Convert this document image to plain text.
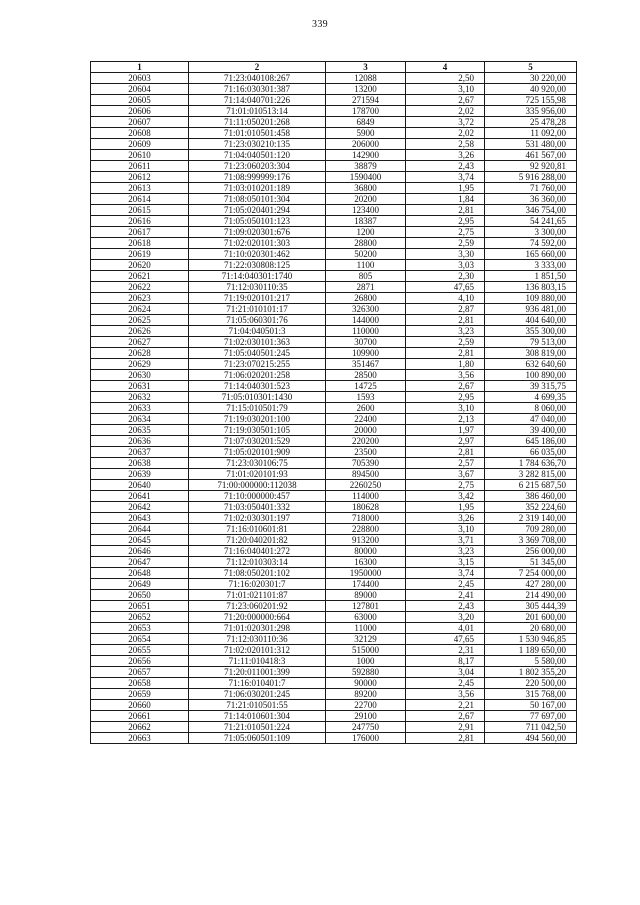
339
1	2	3	4	5
20603	71:23:040108:267	12088	2,50	30 220,00
20604	71:16:030301:387	13200	3,10	40 920,00
20605	71:14:040701:226	271594	2,67	725 155,98
20606	71:01:010513:14	178700	2,02	335 956,00
20607	71:11:050201:268	6849	3,72	25 478,28
20608	71:01:010501:458	5900	2,02	11 092,00
20609	71:23:030210:135	206000	2,58	531 480,00
20610	71:04:040501:120	142900	3,26	461 567,00
20611	71:23:060203:304	38879	2,43	92 920,81
20612	71:08:999999:176	1590400	3,74	5 916 288,00
20613	71:03:010201:189	36800	1,95	71 760,00
20614	71:08:050101:304	20200	1,84	36 360,00
20615	71:05:020401:294	123400	2,81	346 754,00
20616	71:05:050101:123	18387	2,95	54 241,65
20617	71:09:020301:676	1200	2,75	3 300,00
20618	71:02:020101:303	28800	2,59	74 592,00
20619	71:10:020301:462	50200	3,30	165 660,00
20620	71:22:030808:125	1100	3,03	3 333,00
20621	71:14:040301:1740	805	2,30	1 851,50
20622	71:12:030110:35	2871	47,65	136 803,15
20623	71:19:020101:217	26800	4,10	109 880,00
20624	71:21:010101:17	326300	2,87	936 481,00
20625	71:05:060301:76	144000	2,81	404 640,00
20626	71:04:040501:3	110000	3,23	355 300,00
20627	71:02:030101:363	30700	2,59	79 513,00
20628	71:05:040501:245	109900	2,81	308 819,00
20629	71:23:070215:255	351467	1,80	632 640,60
20630	71:06:020201:258	28500	3,56	100 890,00
20631	71:14:040301:523	14725	2,67	39 315,75
20632	71:05:010301:1430	1593	2,95	4 699,35
20633	71:15:010501:79	2600	3,10	8 060,00
20634	71:19:030201:100	22400	2,13	47 040,00
20635	71:19:030501:105	20000	1,97	39 400,00
20636	71:07:030201:529	220200	2,97	645 186,00
20637	71:05:020101:909	23500	2,81	66 035,00
20638	71:23:030106:75	705390	2,57	1 784 636,70
20639	71:01:020101:93	894500	3,67	3 282 815,00
20640	71:00:000000:112038	2260250	2,75	6 215 687,50
20641	71:10:000000:457	114000	3,42	386 460,00
20642	71:03:050401:332	180628	1,95	352 224,60
20643	71:02:030301:197	718000	3,26	2 319 140,00
20644	71:16:010601:81	228800	3,10	709 280,00
20645	71:20:040201:82	913200	3,71	3 369 708,00
20646	71:16:040401:272	80000	3,23	256 000,00
20647	71:12:010303:14	16300	3,15	51 345,00
20648	71:08:050201:102	1950000	3,74	7 254 000,00
20649	71:16:020301:7	174400	2,45	427 280,00
20650	71:01:021101:87	89000	2,41	214 490,00
20651	71:23:060201:92	127801	2,43	305 444,39
20652	71:20:000000:664	63000	3,20	201 600,00
20653	71:01:020301:298	11000	4,01	20 680,00
20654	71:12:030110:36	32129	47,65	1 530 946,85
20655	71:02:020101:312	515000	2,31	1 189 650,00
20656	71:11:010418:3	1000	8,17	5 580,00
20657	71:20:011001:399	592880	3,04	1 802 355,20
20658	71:16:010401:7	90000	2,45	220 500,00
20659	71:06:030201:245	89200	3,56	315 768,00
20660	71:21:010501:55	22700	2,21	50 167,00
20661	71:14:010601:304	29100	2,67	77 697,00
20662	71:21:010501:224	247750	2,91	711 042,50
20663	71:05:060501:109	176000	2,81	494 560,00
